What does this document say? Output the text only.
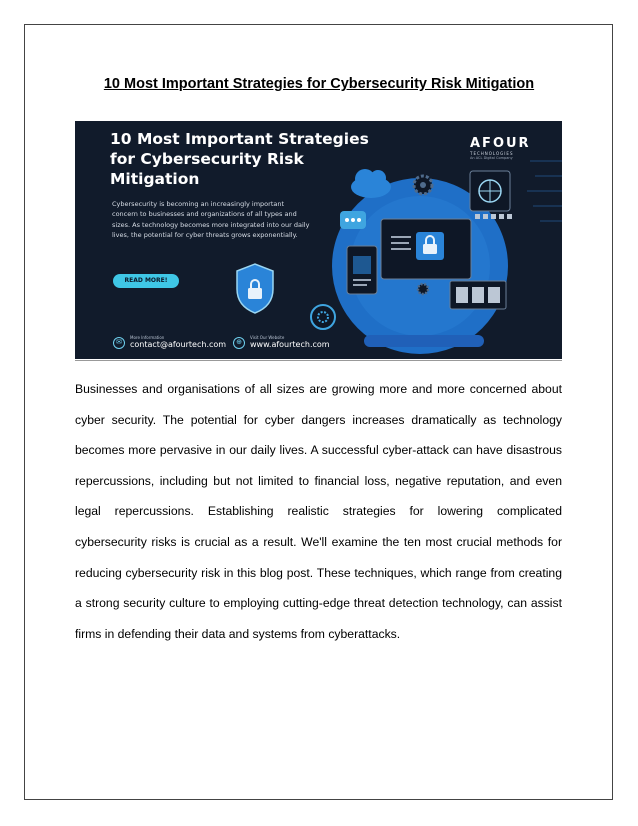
10 Most Important Strategies for Cybersecurity Risk Mitigation
10 Most Important Strategies
for Cybersecurity Risk
Mitigation
AFOUR
TECHNOLOGIES
An ACL Digital Company
Cybersecurity is becoming an increasingly important concern to businesses and organizations of all types and sizes. As technology becomes more integrated into our daily lives, the potential for cyber threats grows exponentially.
READ MORE!
✉
More Information
contact@afourtech.com	⊕
Visit Our Website
www.afourtech.com

Businesses and organisations of all sizes are growing more and more concerned about cyber security. The potential for cyber dangers increases dramatically as technology becomes more pervasive in our daily lives. A successful cyber-attack can have disastrous repercussions, including but not limited to financial loss, negative reputation, and even legal repercussions. Establishing realistic strategies for lowering complicated cybersecurity risks is crucial as a result. We'll examine the ten most crucial methods for reducing cybersecurity risk in this blog post. These techniques, which range from creating a strong security culture to employing cutting-edge threat detection technology, can assist firms in defending their data and systems from cyberattacks.
